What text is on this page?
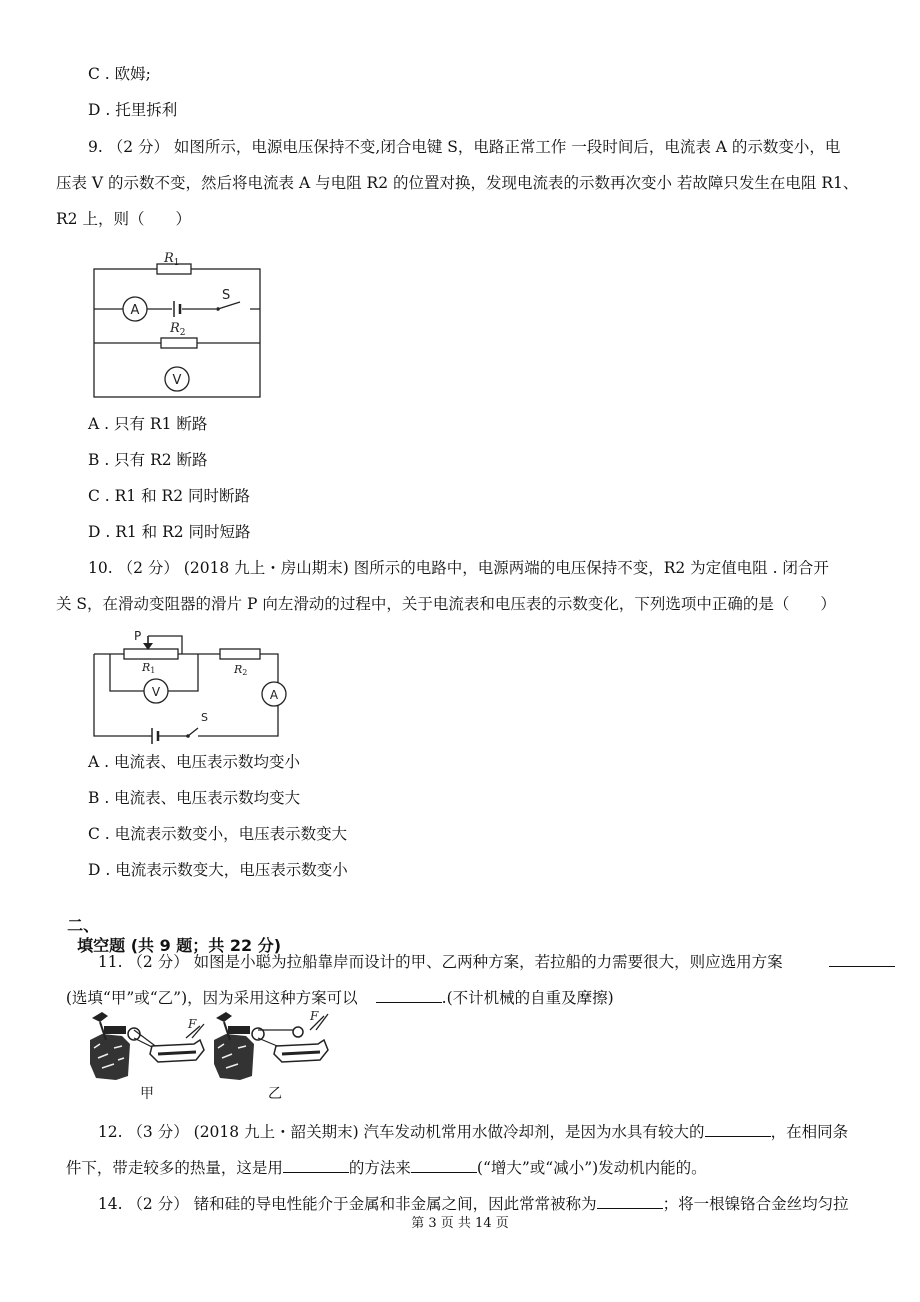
C . 欧姆;
D . 托里拆利
9. （2 分） 如图所示，电源电压保持不变,闭合电键 S，电路正常工作 一段时间后，电流表 A 的示数变小，电
压表 V 的示数不变，然后将电流表 A 与电阻 R2 的位置对换，发现电流表的示数再次变小 若故障只发生在电阻 R1、
R2 上，则（　　）
$R_1$
A
S
$R_2$
V
A . 只有 R1 断路
B . 只有 R2 断路
C . R1 和 R2 同时断路
D . R1 和 R2 同时短路
10. （2 分） (2018 九上・房山期末) 图所示的电路中，电源两端的电压保持不变，R2 为定值电阻 . 闭合开
关 S，在滑动变阻器的滑片 P 向左滑动的过程中，关于电流表和电压表的示数变化，下列选项中正确的是（　　）
P
R1
V
R2
A
S
A . 电流表、电压表示数均变小
B . 电流表、电压表示数均变大
C . 电流表示数变小，电压表示数变大
D . 电流表示数变大，电压表示数变小

二、
填空题 (共 9 题；共 22 分)

11. （2 分） 如图是小聪为拉船靠岸而设计的甲、乙两种方案，若拉船的力需要很大，则应选用方案

(选填“甲”或“乙”)，因为采用这种方案可以	.(不计机械的自重及摩擦)

F
F
甲	乙

12. （3 分） (2018 九上・韶关期末) 汽车发动机常用水做冷却剂，是因为水具有较大的	，在相同条

件下，带走较多的热量，这是用	的方法来	(“增大”或“减小”)发动机内能的。

14. （2 分） 锗和硅的导电性能介于金属和非金属之间，因此常常被称为	；将一根镍铬合金丝均匀拉

第 3 页 共 14 页
